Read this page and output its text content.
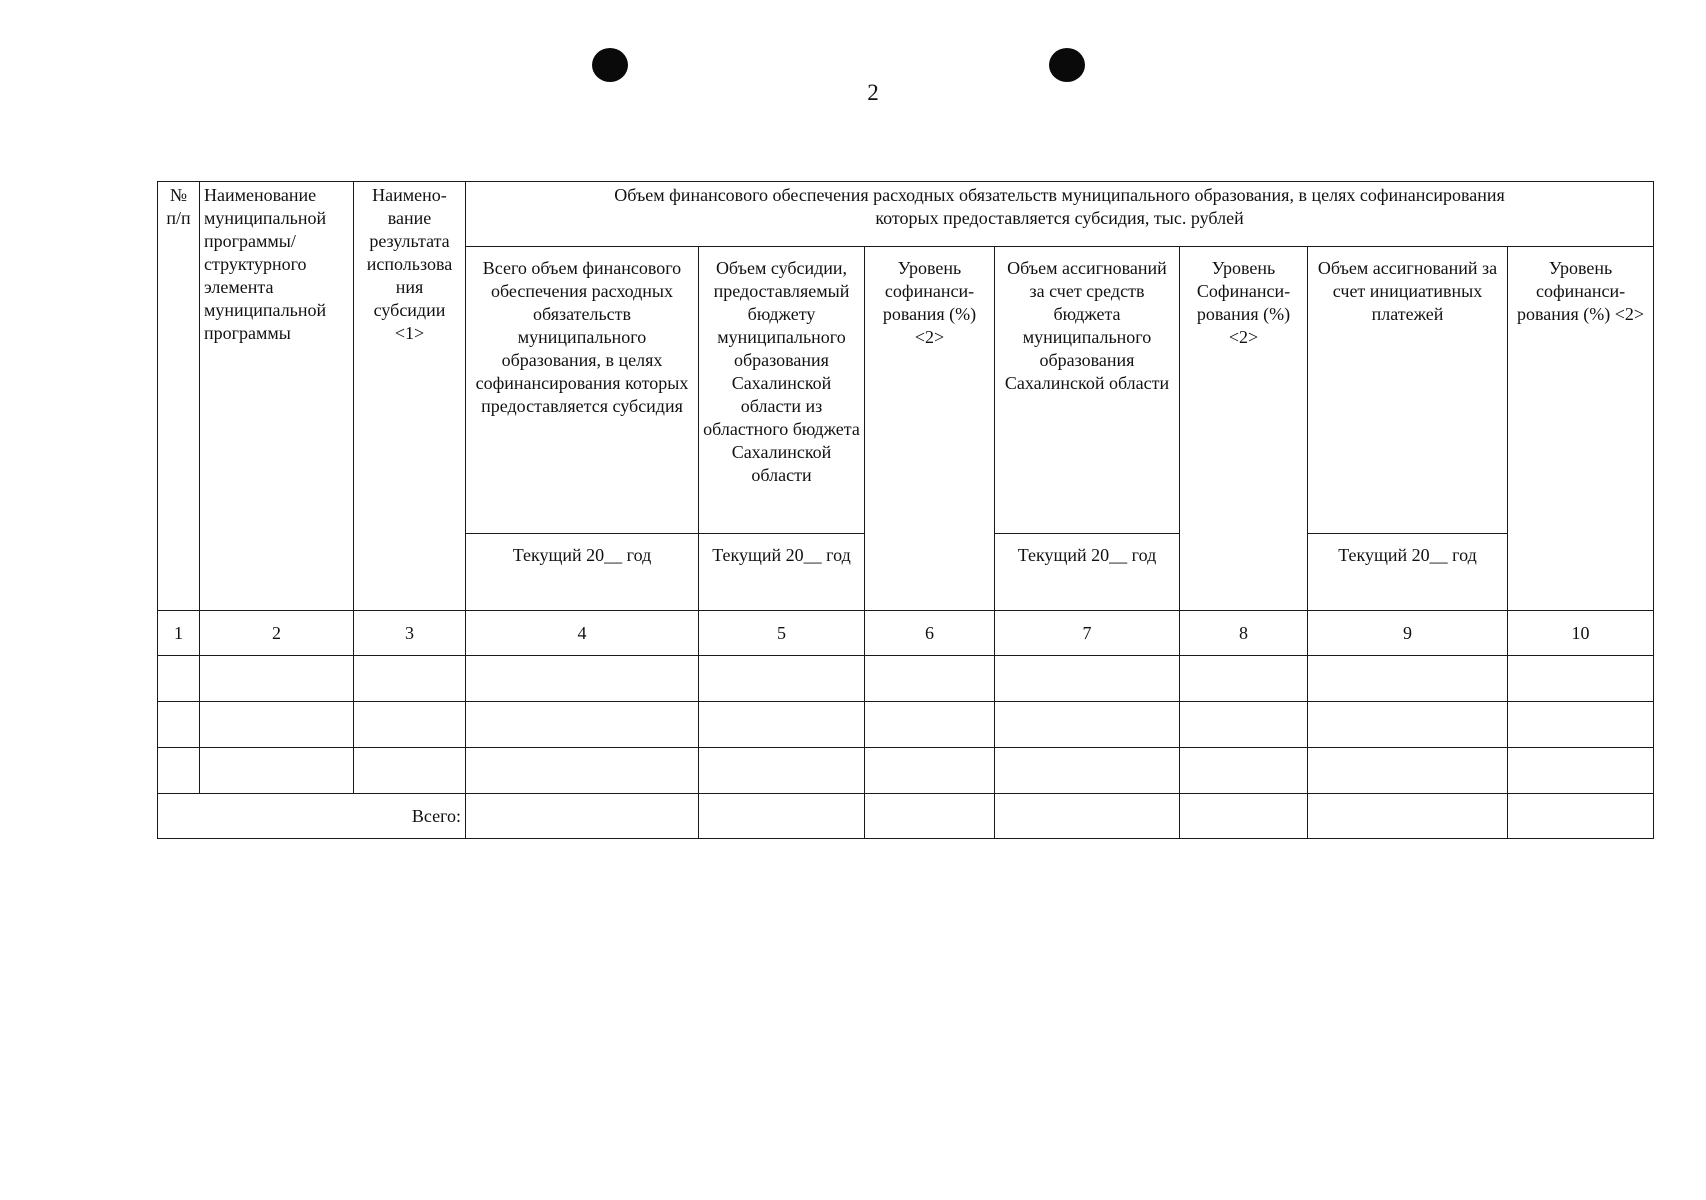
2
№ п/п	Наименование муниципальной программы/ структурного элемента муниципальной программы	Наимено-вание результата использова ния субсидии <1>	Объем финансового обеспечения расходных обязательств муниципального образования, в целях софинансирования которых предоставляется субсидия, тыс. рублей						
			Всего объем финансового обеспечения расходных обязательств муниципального образования, в целях софинансирования которых предоставляется субсидия	Объем субсидии, предоставляемый бюджету муниципального образования Сахалинской области из областного бюджета Сахалинской области	Уровень софинанси-рования (%) <2>	Объем ассигнований за счет средств бюджета муниципального образования Сахалинской области	Уровень Софинанси-рования (%) <2>	Объем ассигнований за счет инициативных платежей	Уровень софинанси-рования (%) <2>
			Текущий 20__ год	Текущий 20__ год		Текущий 20__ год		Текущий 20__ год	
1	2	3	4	5	6	7	8	9	10

Всего:									
